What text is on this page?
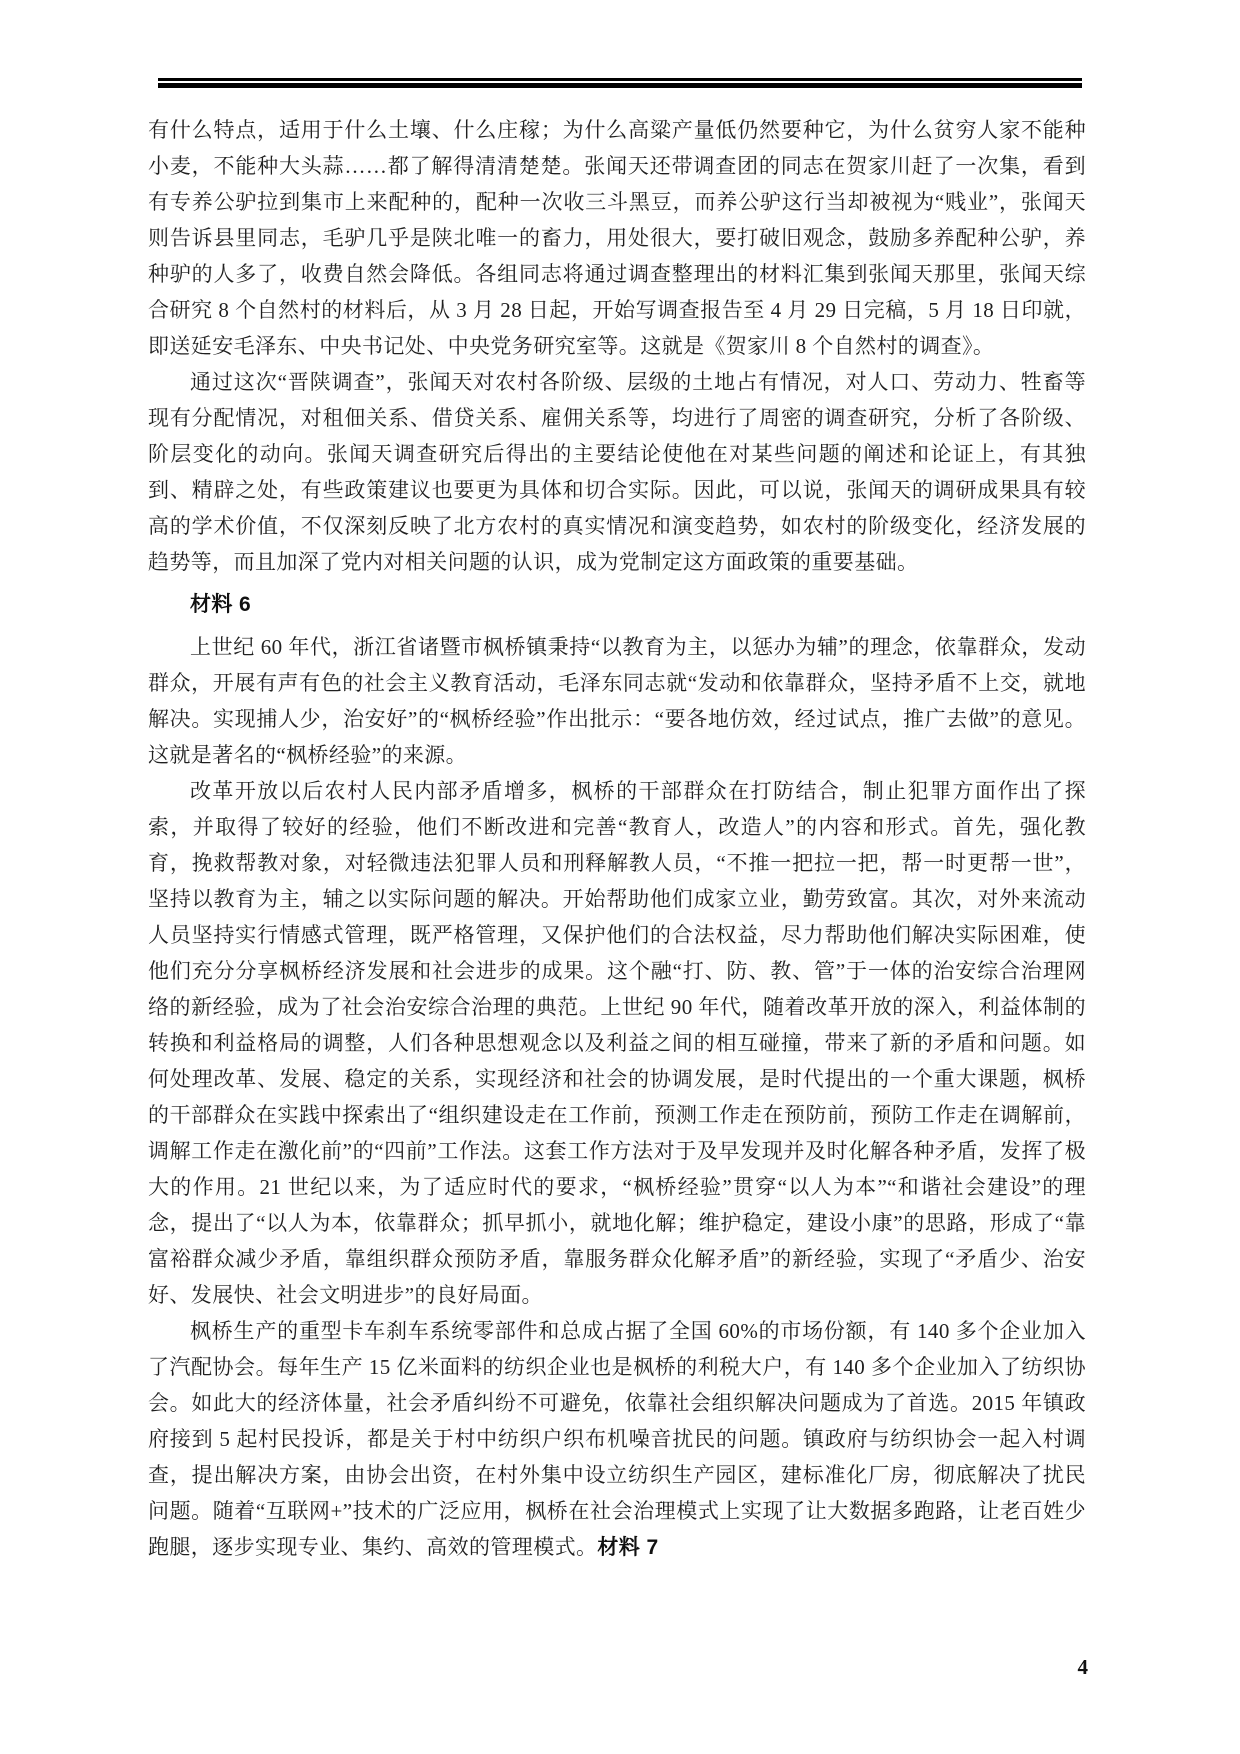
有什么特点，适用于什么土壤、什么庄稼；为什么高粱产量低仍然要种它，为什么贫穷人家不能种小麦，不能种大头蒜……都了解得清清楚楚。张闻天还带调查团的同志在贺家川赶了一次集，看到有专养公驴拉到集市上来配种的，配种一次收三斗黑豆，而养公驴这行当却被视为“贱业”，张闻天则告诉县里同志，毛驴几乎是陕北唯一的畜力，用处很大，要打破旧观念，鼓励多养配种公驴，养种驴的人多了，收费自然会降低。各组同志将通过调查整理出的材料汇集到张闻天那里，张闻天综合研究 8 个自然村的材料后，从 3 月 28 日起，开始写调查报告至 4 月 29 日完稿，5 月 18 日印就，即送延安毛泽东、中央书记处、中央党务研究室等。这就是《贺家川 8 个自然村的调查》。

通过这次“晋陕调查”，张闻天对农村各阶级、层级的土地占有情况，对人口、劳动力、牲畜等现有分配情况，对租佃关系、借贷关系、雇佣关系等，均进行了周密的调查研究，分析了各阶级、阶层变化的动向。张闻天调查研究后得出的主要结论使他在对某些问题的阐述和论证上，有其独到、精辟之处，有些政策建议也要更为具体和切合实际。因此，可以说，张闻天的调研成果具有较高的学术价值，不仅深刻反映了北方农村的真实情况和演变趋势，如农村的阶级变化，经济发展的趋势等，而且加深了党内对相关问题的认识，成为党制定这方面政策的重要基础。

材料 6

上世纪 60 年代，浙江省诸暨市枫桥镇秉持“以教育为主，以惩办为辅”的理念，依靠群众，发动群众，开展有声有色的社会主义教育活动，毛泽东同志就“发动和依靠群众，坚持矛盾不上交，就地解决。实现捕人少，治安好”的“枫桥经验”作出批示：“要各地仿效，经过试点，推广去做”的意见。这就是著名的“枫桥经验”的来源。

改革开放以后农村人民内部矛盾增多，枫桥的干部群众在打防结合，制止犯罪方面作出了探索，并取得了较好的经验，他们不断改进和完善“教育人，改造人”的内容和形式。首先，强化教育，挽救帮教对象，对轻微违法犯罪人员和刑释解教人员，“不推一把拉一把，帮一时更帮一世”，坚持以教育为主，辅之以实际问题的解决。开始帮助他们成家立业，勤劳致富。其次，对外来流动人员坚持实行情感式管理，既严格管理，又保护他们的合法权益，尽力帮助他们解决实际困难，使他们充分分享枫桥经济发展和社会进步的成果。这个融“打、防、教、管”于一体的治安综合治理网络的新经验，成为了社会治安综合治理的典范。上世纪 90 年代，随着改革开放的深入，利益体制的转换和利益格局的调整，人们各种思想观念以及利益之间的相互碰撞，带来了新的矛盾和问题。如何处理改革、发展、稳定的关系，实现经济和社会的协调发展，是时代提出的一个重大课题，枫桥的干部群众在实践中探索出了“组织建设走在工作前，预测工作走在预防前，预防工作走在调解前，调解工作走在激化前”的“四前”工作法。这套工作方法对于及早发现并及时化解各种矛盾，发挥了极大的作用。21 世纪以来，为了适应时代的要求，“枫桥经验”贯穿“以人为本”“和谐社会建设”的理念，提出了“以人为本，依靠群众；抓早抓小，就地化解；维护稳定，建设小康”的思路，形成了“靠富裕群众减少矛盾，靠组织群众预防矛盾，靠服务群众化解矛盾”的新经验，实现了“矛盾少、治安好、发展快、社会文明进步”的良好局面。

枫桥生产的重型卡车刹车系统零部件和总成占据了全国 60%的市场份额，有 140 多个企业加入了汽配协会。每年生产 15 亿米面料的纺织企业也是枫桥的利税大户，有 140 多个企业加入了纺织协会。如此大的经济体量，社会矛盾纠纷不可避免，依靠社会组织解决问题成为了首选。2015 年镇政府接到 5 起村民投诉，都是关于村中纺织户织布机噪音扰民的问题。镇政府与纺织协会一起入村调查，提出解决方案，由协会出资，在村外集中设立纺织生产园区，建标准化厂房，彻底解决了扰民问题。随着“互联网+”技术的广泛应用，枫桥在社会治理模式上实现了让大数据多跑路，让老百姓少跑腿，逐步实现专业、集约、高效的管理模式。材料 7

4
